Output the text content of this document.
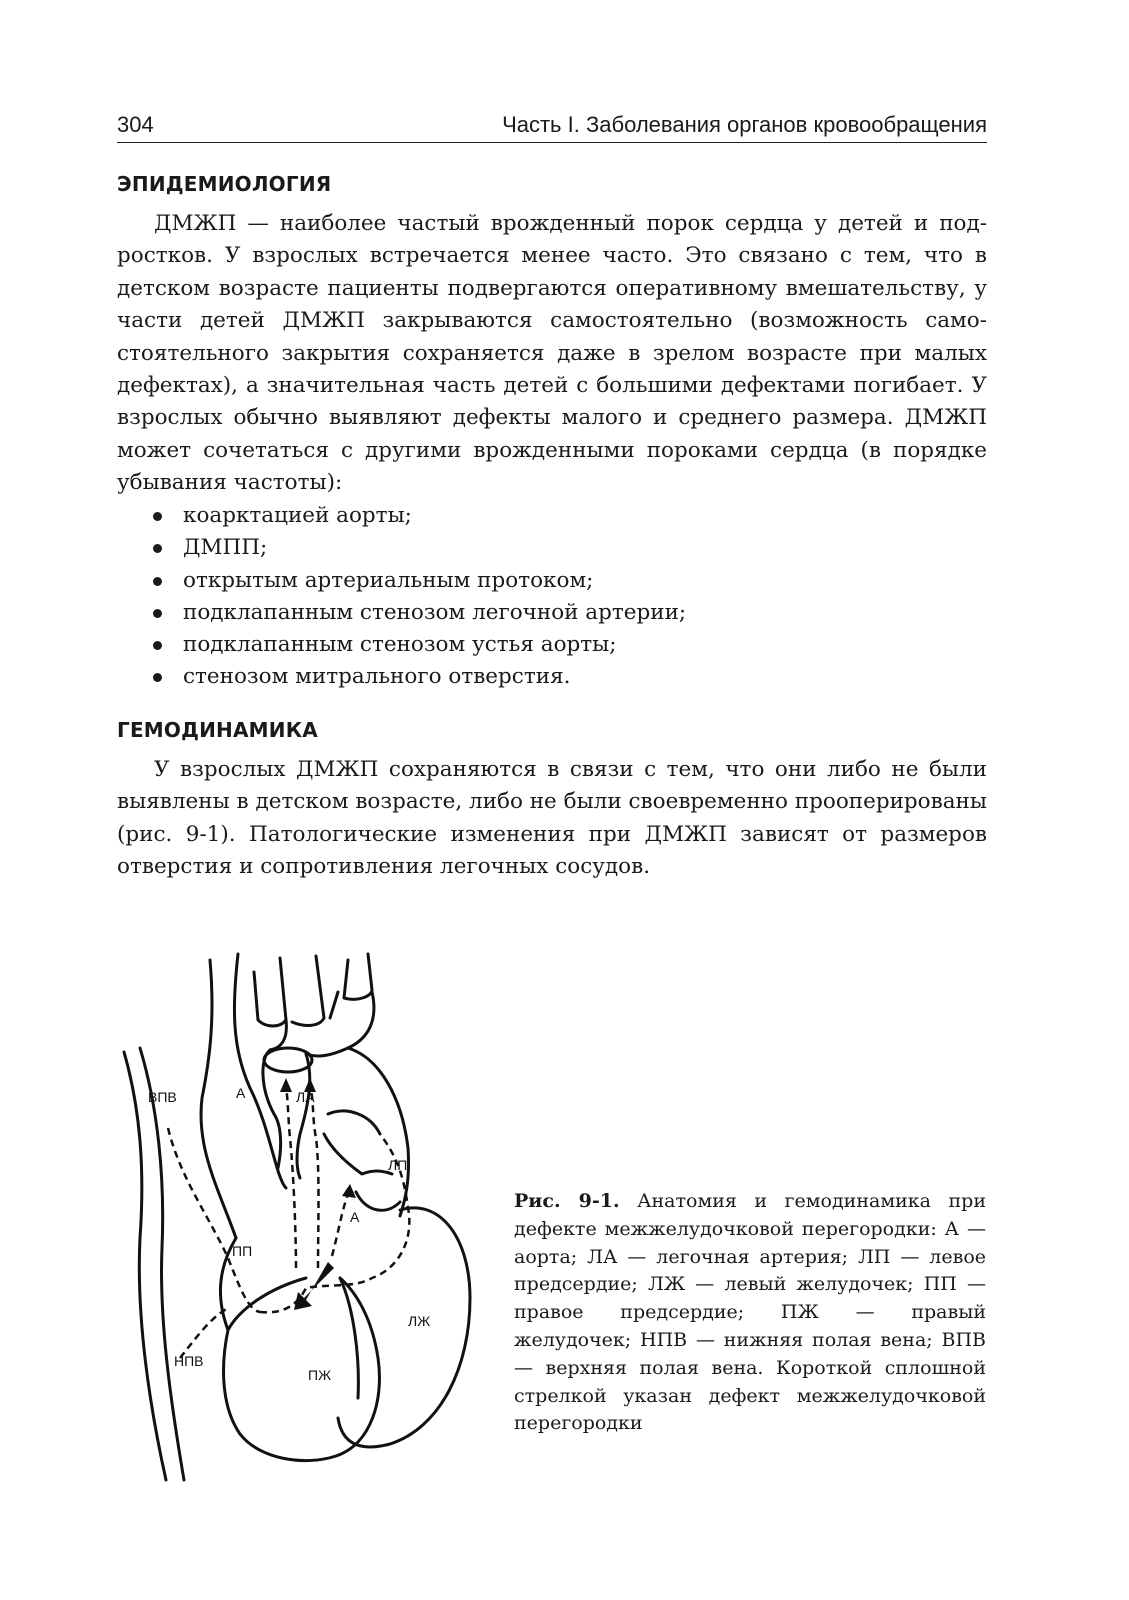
304	Часть I. Заболевания органов кровообращения
ЭПИДЕМИОЛОГИЯ

ДМЖП — наиболее частый врожденный порок сердца у детей и подростков. У взрослых встречается менее часто. Это связано с тем, что в детском возрасте пациенты подвергаются оперативному вмешательству, у части детей ДМЖП закрываются самостоятельно (возможность самостоятельного закрытия сохраняется даже в зрелом возрасте при малых дефектах), а значительная часть детей с большими дефектами погибает. У взрослых обычно выявляют дефекты малого и среднего размера. ДМЖП может сочетаться с другими врожденными пороками сердца (в порядке убывания частоты):

коарктацией аорты;
ДМПП;
открытым артериальным протоком;
подклапанным стенозом легочной артерии;
подклапанным стенозом устья аорты;
стенозом митрального отверстия.
ГЕМОДИНАМИКА

У взрослых ДМЖП сохраняются в связи с тем, что они либо не были выявлены в детском возрасте, либо не были своевременно прооперированы (рис. 9-1). Патологические изменения при ДМЖП зависят от размеров отверстия и сопротивления легочных сосудов.

ВПВ	А	ЛА
ЛП
А
ПП
ЛЖ
НПВ
ПЖ

Рис. 9-1. Анатомия и гемодинамика при дефекте межжелудочковой перегородки: А — аорта; ЛА — легочная артерия; ЛП — левое предсердие; ЛЖ — левый желудочек; ПП — правое предсердие; ПЖ — правый желудочек; НПВ — нижняя полая вена; ВПВ — верхняя полая вена. Короткой сплошной стрелкой указан дефект межжелудочковой перегородки
